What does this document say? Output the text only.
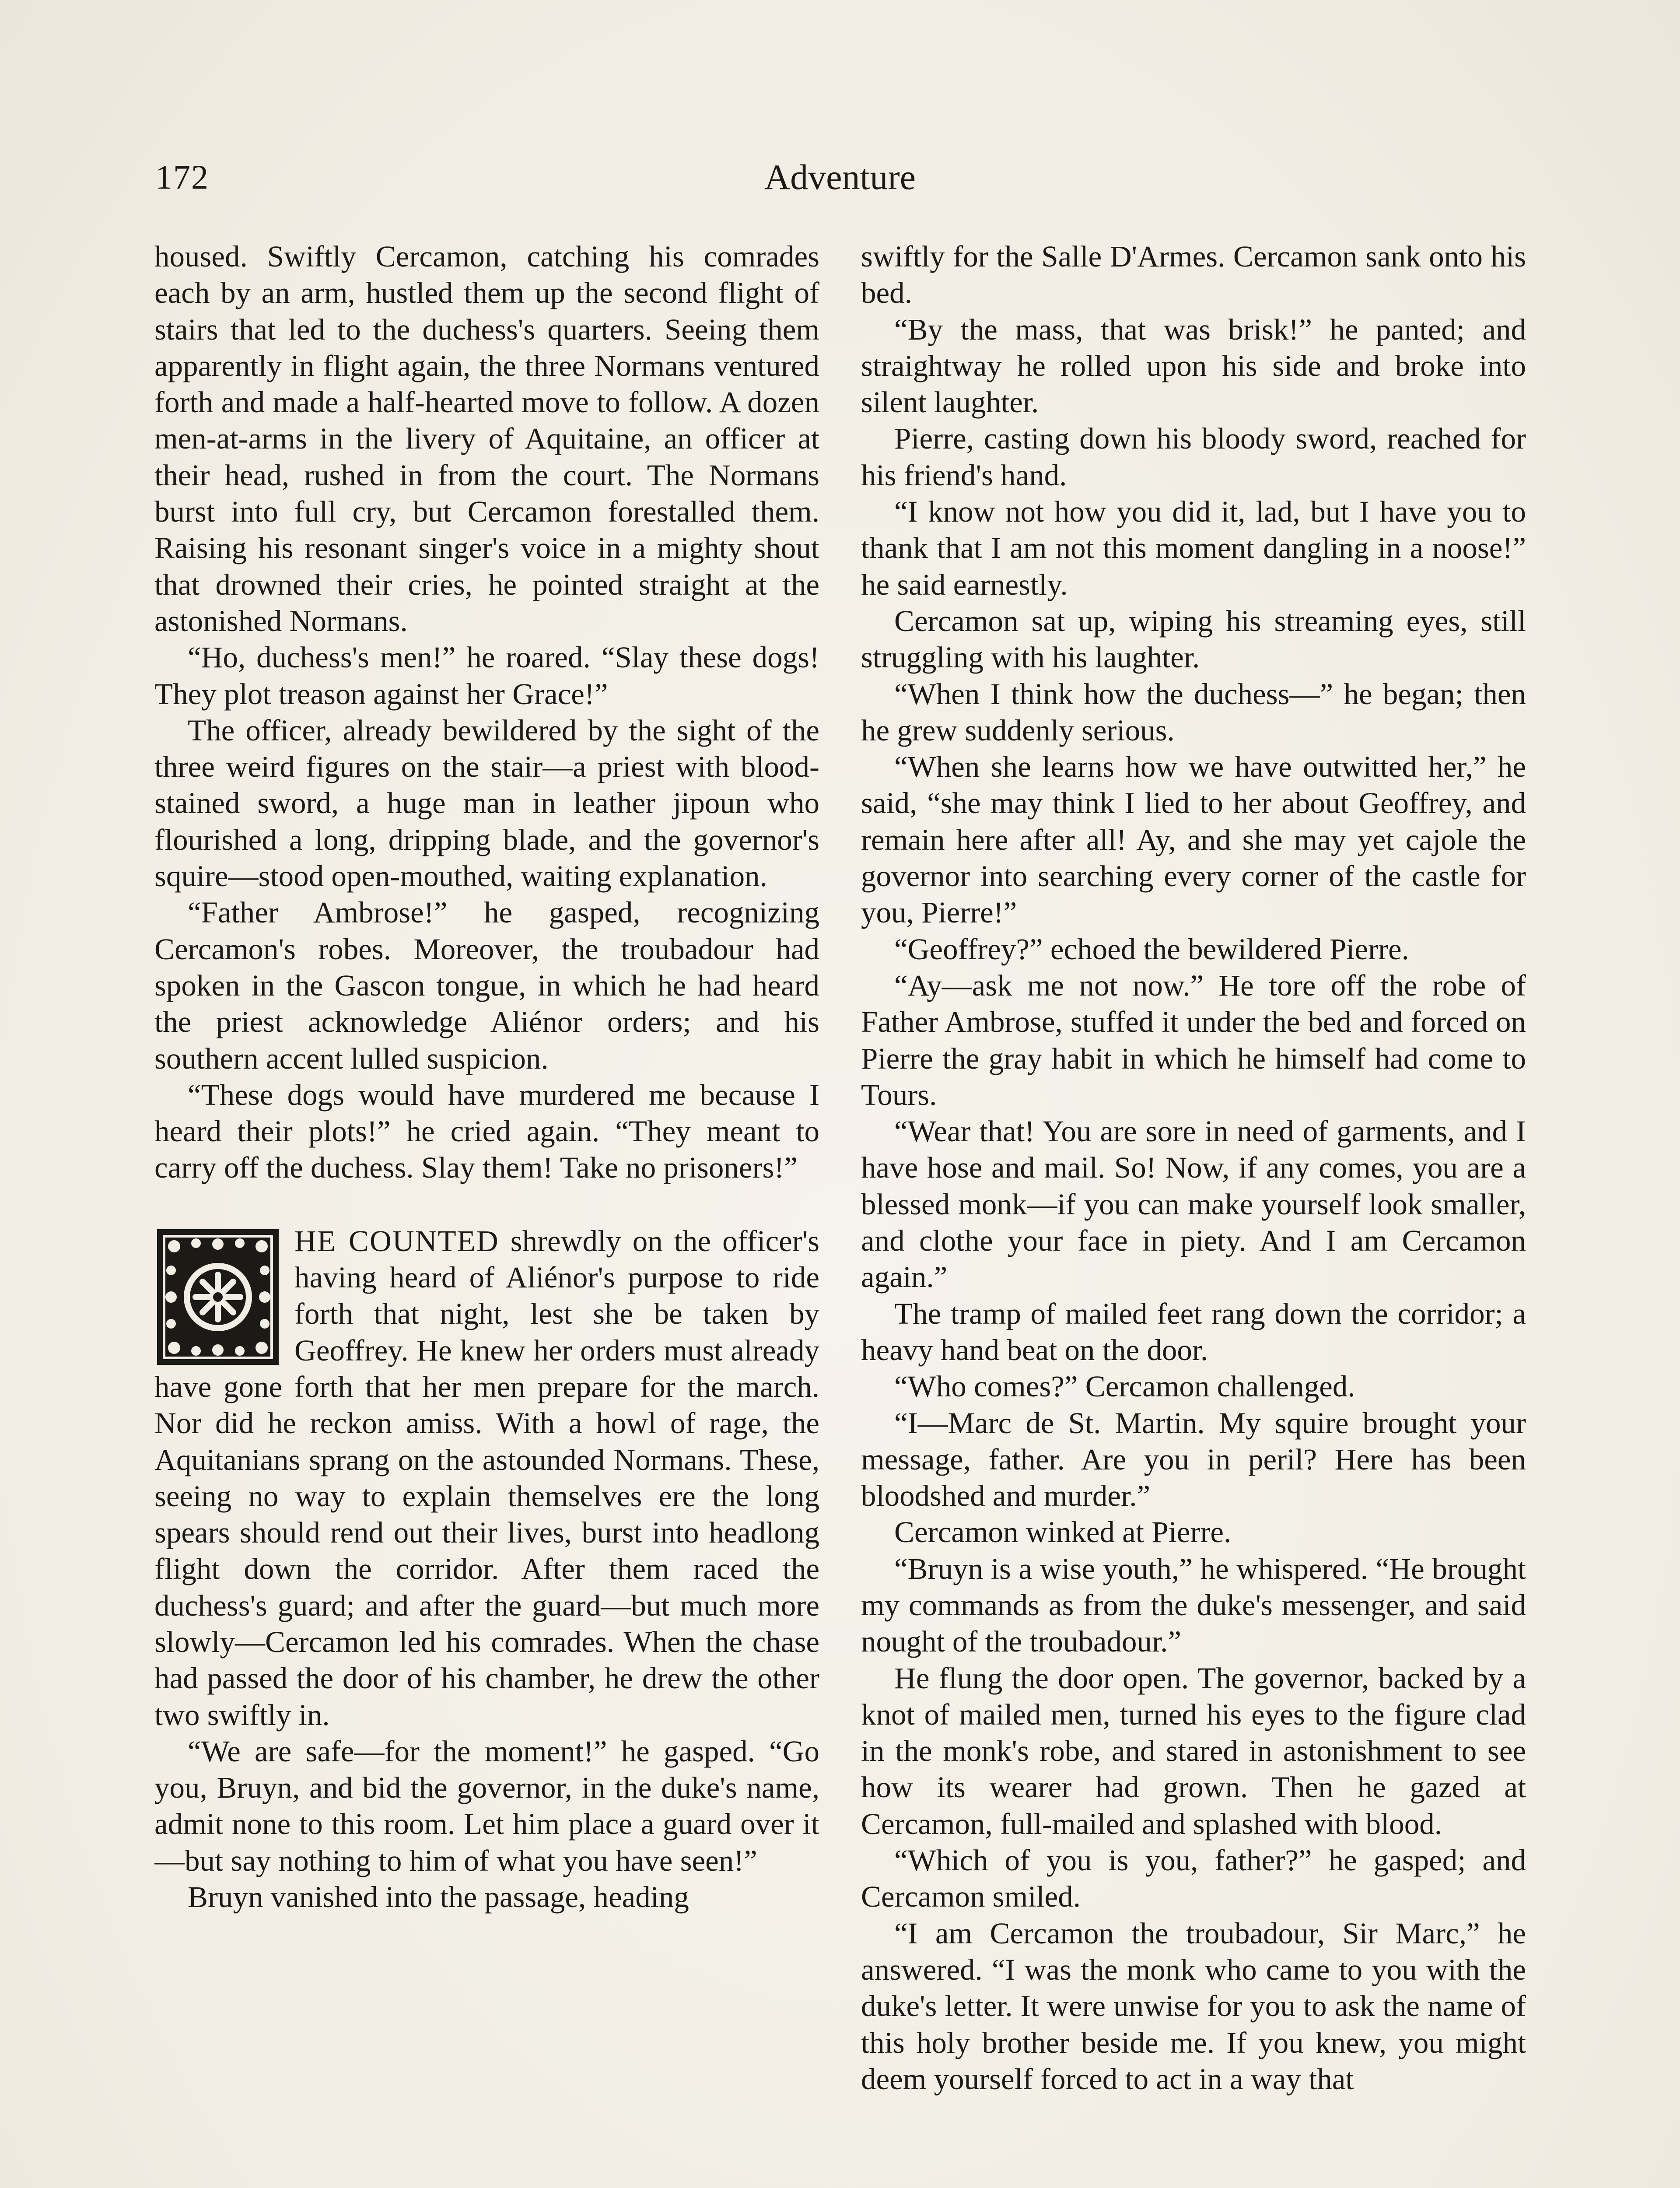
172	Adventure

housed. Swiftly Cercamon, catching his comrades each by an arm, hustled them up the second flight of stairs that led to the duchess's quarters. Seeing them apparently in flight again, the three Normans ventured forth and made a half-hearted move to follow. A dozen men-at-arms in the livery of Aquitaine, an officer at their head, rushed in from the court. The Normans burst into full cry, but Cercamon forestalled them. Raising his resonant singer's voice in a mighty shout that drowned their cries, he pointed straight at the astonished Normans.

“Ho, duchess's men!” he roared. “Slay these dogs! They plot treason against her Grace!”

The officer, already bewildered by the sight of the three weird figures on the stair—a priest with blood-stained sword, a huge man in leather jipoun who flourished a long, dripping blade, and the governor's squire—stood open-mouthed, waiting explanation.

“Father Ambrose!” he gasped, recognizing Cercamon's robes. Moreover, the troubadour had spoken in the Gascon tongue, in which he had heard the priest acknowledge Aliénor orders; and his southern accent lulled suspicion.

“These dogs would have murdered me because I heard their plots!” he cried again. “They meant to carry off the duchess. Slay them! Take no prisoners!”

HE COUNTED shrewdly on the officer's having heard of Aliénor's purpose to ride forth that night, lest she be taken by Geoffrey. He knew her orders must already have gone forth that her men prepare for the march. Nor did he reckon amiss. With a howl of rage, the Aquitanians sprang on the astounded Normans. These, seeing no way to explain themselves ere the long spears should rend out their lives, burst into headlong flight down the corridor. After them raced the duchess's guard; and after the guard—but much more slowly—Cercamon led his comrades. When the chase had passed the door of his chamber, he drew the other two swiftly in.

“We are safe—for the moment!” he gasped. “Go you, Bruyn, and bid the governor, in the duke's name, admit none to this room. Let him place a guard over it—but say nothing to him of what you have seen!”

Bruyn vanished into the passage, heading

swiftly for the Salle D'Armes. Cercamon sank onto his bed.

“By the mass, that was brisk!” he panted; and straightway he rolled upon his side and broke into silent laughter.

Pierre, casting down his bloody sword, reached for his friend's hand.

“I know not how you did it, lad, but I have you to thank that I am not this moment dangling in a noose!” he said earnestly.

Cercamon sat up, wiping his streaming eyes, still struggling with his laughter.

“When I think how the duchess—” he began; then he grew suddenly serious.

“When she learns how we have outwitted her,” he said, “she may think I lied to her about Geoffrey, and remain here after all! Ay, and she may yet cajole the governor into searching every corner of the castle for you, Pierre!”

“Geoffrey?” echoed the bewildered Pierre.

“Ay—ask me not now.” He tore off the robe of Father Ambrose, stuffed it under the bed and forced on Pierre the gray habit in which he himself had come to Tours.

“Wear that! You are sore in need of garments, and I have hose and mail. So! Now, if any comes, you are a blessed monk—if you can make yourself look smaller, and clothe your face in piety. And I am Cercamon again.”

The tramp of mailed feet rang down the corridor; a heavy hand beat on the door.

“Who comes?” Cercamon challenged.

“I—Marc de St. Martin. My squire brought your message, father. Are you in peril? Here has been bloodshed and murder.”

Cercamon winked at Pierre.

“Bruyn is a wise youth,” he whispered. “He brought my commands as from the duke's messenger, and said nought of the troubadour.”

He flung the door open. The governor, backed by a knot of mailed men, turned his eyes to the figure clad in the monk's robe, and stared in astonishment to see how its wearer had grown. Then he gazed at Cercamon, full-mailed and splashed with blood.

“Which of you is you, father?” he gasped; and Cercamon smiled.

“I am Cercamon the troubadour, Sir Marc,” he answered. “I was the monk who came to you with the duke's letter. It were unwise for you to ask the name of this holy brother beside me. If you knew, you might deem yourself forced to act in a way that
